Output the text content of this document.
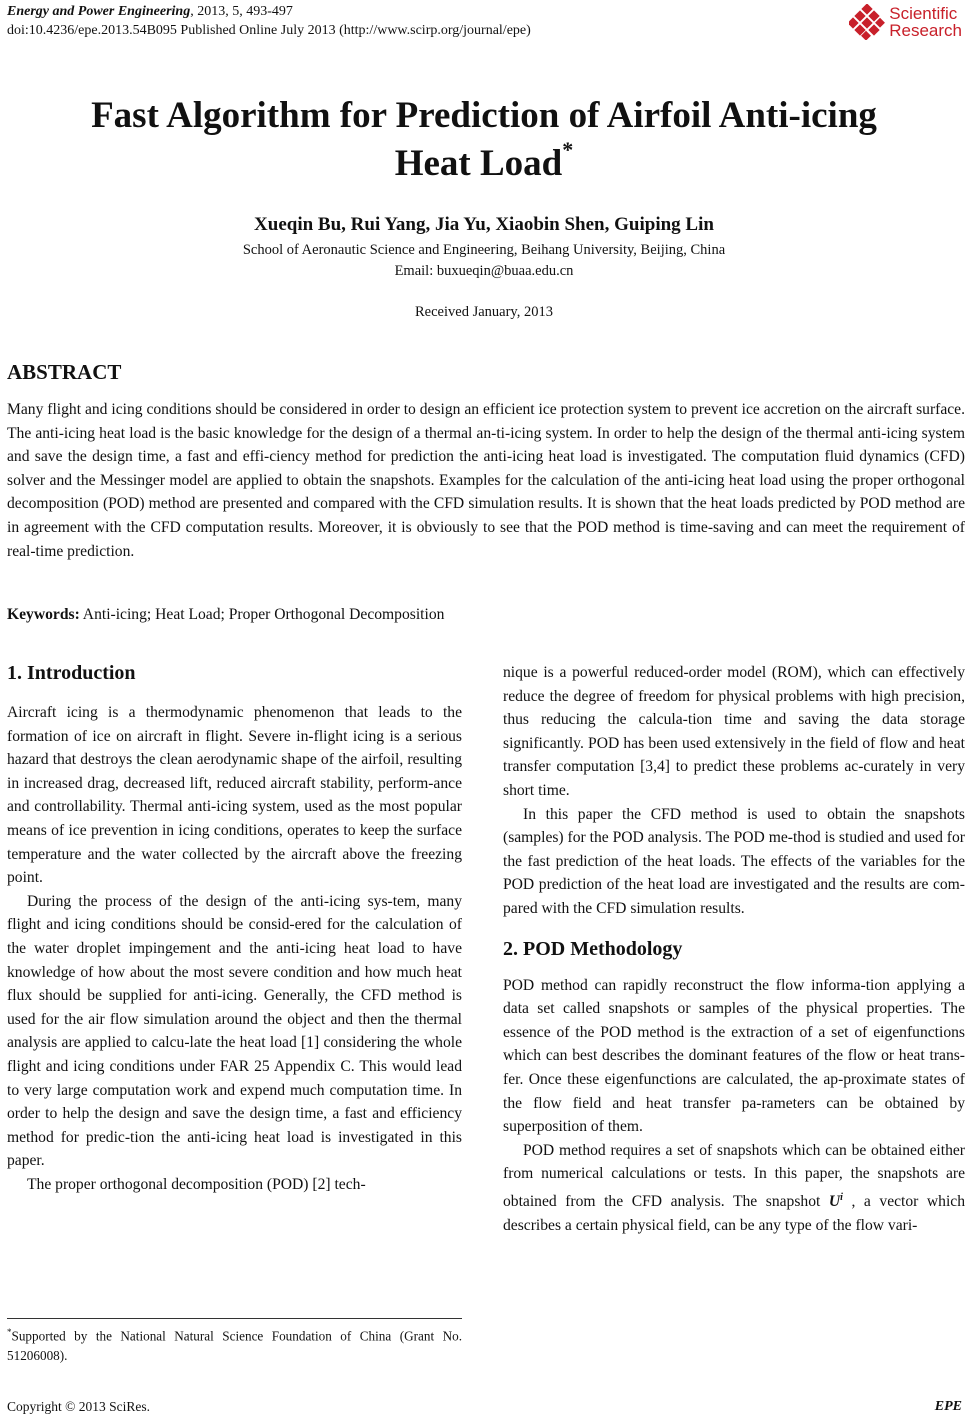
Energy and Power Engineering, 2013, 5, 493-497
doi:10.4236/epe.2013.54B095 Published Online July 2013 (http://www.scirp.org/journal/epe)
Scientific
Research
Fast Algorithm for Prediction of Airfoil Anti-icing
Heat Load*
Xueqin Bu, Rui Yang, Jia Yu, Xiaobin Shen, Guiping Lin
School of Aeronautic Science and Engineering, Beihang University, Beijing, China
Email: buxueqin@buaa.edu.cn
Received January, 2013
ABSTRACT

Many flight and icing conditions should be considered in order to design an efficient ice protection system to prevent ice accretion on the aircraft surface. The anti-icing heat load is the basic knowledge for the design of a thermal an-ti-icing system. In order to help the design of the thermal anti-icing system and save the design time, a fast and effi-ciency method for prediction the anti-icing heat load is investigated. The computation fluid dynamics (CFD) solver and the Messinger model are applied to obtain the snapshots. Examples for the calculation of the anti-icing heat load using the proper orthogonal decomposition (POD) method are presented and compared with the CFD simulation results. It is shown that the heat loads predicted by POD method are in agreement with the CFD computation results. Moreover, it is obviously to see that the POD method is time-saving and can meet the requirement of real-time prediction.

Keywords: Anti-icing; Heat Load; Proper Orthogonal Decomposition
1. Introduction

Aircraft icing is a thermodynamic phenomenon that leads to the formation of ice on aircraft in flight. Severe in-flight icing is a serious hazard that destroys the clean aerodynamic shape of the airfoil, resulting in increased drag, decreased lift, reduced aircraft stability, perform-ance and controllability. Thermal anti-icing system, used as the most popular means of ice prevention in icing conditions, operates to keep the surface temperature and the water collected by the aircraft above the freezing point.

During the process of the design of the anti-icing sys-tem, many flight and icing conditions should be consid-ered for the calculation of the water droplet impingement and the anti-icing heat load to have knowledge of how about the most severe condition and how much heat flux should be supplied for anti-icing. Generally, the CFD method is used for the air flow simulation around the object and then the thermal analysis are applied to calcu-late the heat load [1] considering the whole flight and icing conditions under FAR 25 Appendix C. This would lead to very large computation work and expend much computation time. In order to help the design and save the design time, a fast and efficiency method for predic-tion the anti-icing heat load is investigated in this paper.

The proper orthogonal decomposition (POD) [2] tech-

*Supported by the National Natural Science Foundation of China (Grant No. 51206008).

nique is a powerful reduced-order model (ROM), which can effectively reduce the degree of freedom for physical problems with high precision, thus reducing the calcula-tion time and saving the data storage significantly. POD has been used extensively in the field of flow and heat transfer computation [3,4] to predict these problems ac-curately in very short time.

In this paper the CFD method is used to obtain the snapshots (samples) for the POD analysis. The POD me-thod is studied and used for the fast prediction of the heat loads. The effects of the variables for the POD prediction of the heat load are investigated and the results are com-pared with the CFD simulation results.

2. POD Methodology

POD method can rapidly reconstruct the flow informa-tion applying a data set called snapshots or samples of the physical properties. The essence of the POD method is the extraction of a set of eigenfunctions which can best describes the dominant features of the flow or heat trans-fer. Once these eigenfunctions are calculated, the ap-proximate states of the flow field and heat transfer pa-rameters can be obtained by superposition of them.

POD method requires a set of snapshots which can be obtained either from numerical calculations or tests. In this paper, the snapshots are obtained from the CFD analysis. The snapshot $U^i$ , a vector which describes a certain physical field, can be any type of the flow vari-

Copyright © 2013 SciRes.	EPE
